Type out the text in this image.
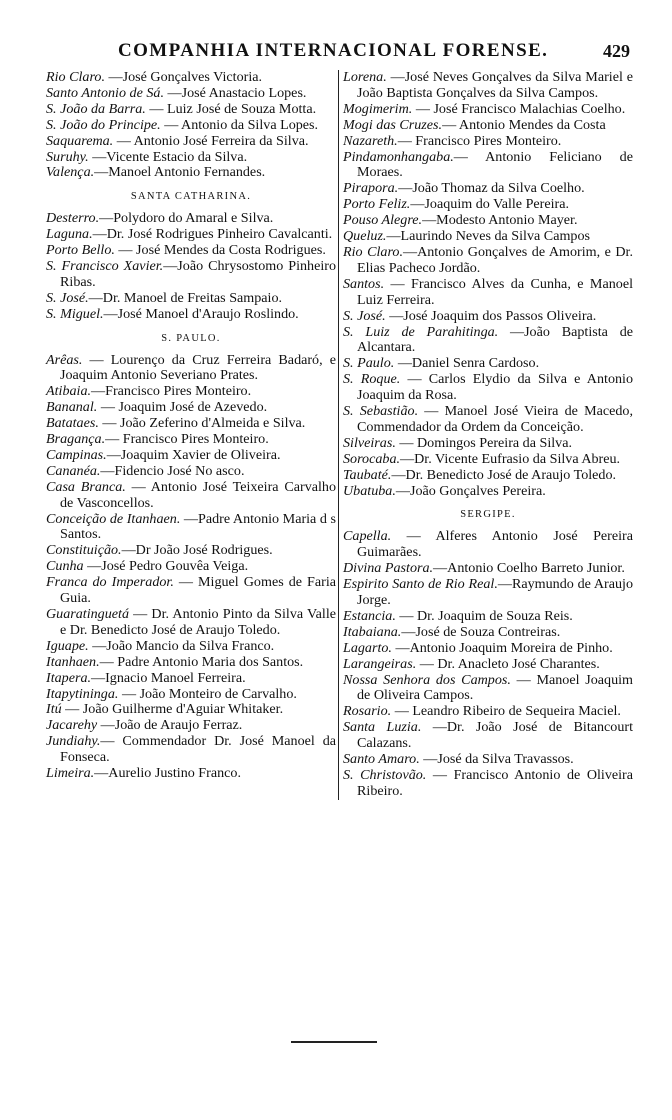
COMPANHIA INTERNACIONAL FORENSE.	429
Rio Claro. —José Gonçalves Victoria.
Santo Antonio de Sá. —José Anastacio Lopes.
S. João da Barra. — Luiz José de Souza Motta.
S. João do Principe. — Antonio da Silva Lopes.
Saquarema. — Antonio José Ferreira da Silva.
Suruhy. —Vicente Estacio da Silva.
Valença.—Manoel Antonio Fernandes.
SANTA CATHARINA.
Desterro.—Polydoro do Amaral e Silva.
Laguna.—Dr. José Rodrigues Pinheiro Cavalcanti.
Porto Bello. — José Mendes da Costa Rodrigues.
S. Francisco Xavier.—João Chrysostomo Pinheiro Ribas.
S. José.—Dr. Manoel de Freitas Sampaio.
S. Miguel.—José Manoel d'Araujo Roslindo.
S. PAULO.
Arêas. — Lourenço da Cruz Ferreira Badaró, e Joaquim Antonio Severiano Prates.
Atibaia.—Francisco Pires Monteiro.
Bananal. — Joaquim José de Azevedo.
Batataes. — João Zeferino d'Almeida e Silva.
Bragança.— Francisco Pires Monteiro.
Campinas.—Joaquim Xavier de Oliveira.
Cananéa.—Fidencio José No asco.
Casa Branca. — Antonio José Teixeira Carvalho de Vasconcellos.
Conceição de Itanhaen. —Padre Antonio Maria d s Santos.
Constituição.—Dr João José Rodrigues.
Cunha —José Pedro Gouvêa Veiga.
Franca do Imperador. — Miguel Gomes de Faria Guia.
Guaratinguetá — Dr. Antonio Pinto da Silva Valle e Dr. Benedicto José de Araujo Toledo.
Iguape. —João Mancio da Silva Franco.
Itanhaen.— Padre Antonio Maria dos Santos.
Itapera.—Ignacio Manoel Ferreira.
Itapytininga. — João Monteiro de Carvalho.
Itú — João Guilherme d'Aguiar Whitaker.
Jacarehy —João de Araujo Ferraz.
Jundiahy.— Commendador Dr. José Manoel da Fonseca.
Limeira.—Aurelio Justino Franco.
Lorena. —José Neves Gonçalves da Silva Mariel e João Baptista Gonçalves da Silva Campos.
Mogimerim. — José Francisco Malachias Coelho.
Mogi das Cruzes.— Antonio Mendes da Costa
Nazareth.— Francisco Pires Monteiro.
Pindamonhangaba.— Antonio Feliciano de Moraes.
Piraporа.—João Thomaz da Silva Coelho.
Porto Feliz.—Joaquim do Valle Pereira.
Pouso Alegre.—Modesto Antonio Mayer.
Queluz.—Laurindo Neves da Silva Campos
Rio Claro.—Antonio Gonçalves de Amorim, e Dr. Elias Pacheco Jordão.
Santos. — Francisco Alves da Cunha, e Manoel Luiz Ferreira.
S. José. —José Joaquim dos Passos Oliveira.
S. Luiz de Parahitinga. —João Baptista de Alcantara.
S. Paulo. —Daniel Senra Cardoso.
S. Roque. — Carlos Elydio da Silva e Antonio Joaquim da Rosa.
S. Sebastião. — Manoel José Vieira de Macedo, Commendador da Ordem da Conceição.
Silveiras. — Domingos Pereira da Silva.
Sorocaba.—Dr. Vicente Eufrasio da Silva Abreu.
Taubaté.—Dr. Benedicto José de Araujo Toledo.
Ubatuba.—João Gonçalves Pereira.
SERGIPE.
Capella. — Alferes Antonio José Pereira Guimarães.
Divina Pastora.—Antonio Coelho Barreto Junior.
Espirito Santo de Rio Real.—Raymundo de Araujo Jorge.
Estancia. — Dr. Joaquim de Souza Reis.
Itabaiana.—José de Souza Contreiras.
Lagarto. —Antonio Joaquim Moreira de Pinho.
Larangeiras. — Dr. Anacleto José Charantes.
Nossa Senhora dos Campos. — Manoel Joaquim de Oliveira Campos.
Rosario. — Leandro Ribeiro de Sequeira Maciel.
Santa Luzia. —Dr. João José de Bitancourt Calazans.
Santo Amaro. —José da Silva Travassos.
S. Christovão. — Francisco Antonio de Oliveira Ribeiro.
